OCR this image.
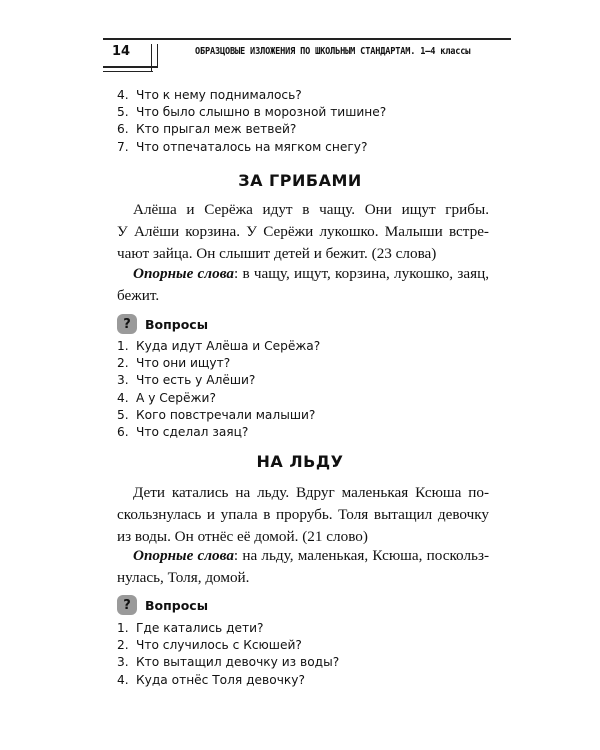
14	ОБРАЗЦОВЫЕ ИЗЛОЖЕНИЯ ПО ШКОЛЬНЫМ СТАНДАРТАМ. 1–4 классы
4. Что к нему поднималось?
5. Что было слышно в морозной тишине?
6. Кто прыгал меж ветвей?
7. Что отпечаталось на мягком снегу?
ЗА ГРИБАМИ
Алёша и Серёжа идут в чащу. Они ищут грибы.
У Алёши корзина. У Серёжи лукошко. Малыши встре-
чают зайца. Он слышит детей и бежит. (23 слова)
Опорные слова: в чащу, ищут, корзина, лукошко, заяц,
бежит.
?	Вопросы
1. Куда идут Алёша и Серёжа?
2. Что они ищут?
3. Что есть у Алёши?
4. А у Серёжи?
5. Кого повстречали малыши?
6. Что сделал заяц?
НА ЛЬДУ
Дети катались на льду. Вдруг маленькая Ксюша по-
скользнулась и упала в прорубь. Толя вытащил девочку
из воды. Он отнёс её домой. (21 слово)
Опорные слова: на льду, маленькая, Ксюша, поскольз-
нулась, Толя, домой.
?	Вопросы
1. Где катались дети?
2. Что случилось с Ксюшей?
3. Кто вытащил девочку из воды?
4. Куда отнёс Толя девочку?
